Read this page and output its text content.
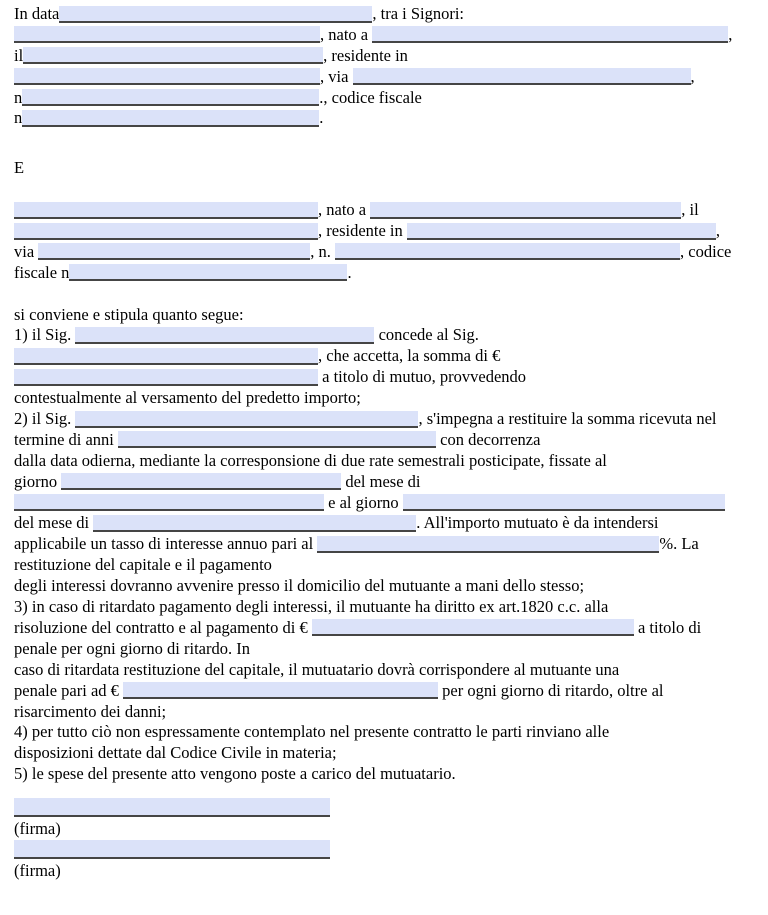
In data	, tra i Signori:
, nato a	,
il	, residente in
, via	,
n	., codice fiscale
n	.
E
, nato a	, il
, residente in	,
via	, n.	, codice
fiscale n	.
si conviene e stipula quanto segue:
1) il Sig.	concede al Sig.
, che accetta, la somma di €
a titolo di mutuo, provvedendo
contestualmente al versamento del predetto importo;
2) il Sig.	, s'impegna a restituire la somma ricevuta nel
termine di anni	con decorrenza
dalla data odierna, mediante la corresponsione di due rate semestrali posticipate, fissate al
giorno	del mese di
e al giorno
del mese di	. All'importo mutuato è da intendersi
applicabile un tasso di interesse annuo pari al	%. La
restituzione del capitale e il pagamento
degli interessi dovranno avvenire presso il domicilio del mutuante a mani dello stesso;
3) in caso di ritardato pagamento degli interessi, il mutuante ha diritto ex art.1820 c.c. alla
risoluzione del contratto e al pagamento di €	a titolo di
penale per ogni giorno di ritardo. In
caso di ritardata restituzione del capitale, il mutuatario dovrà corrispondere al mutuante una
penale pari ad €	per ogni giorno di ritardo, oltre al
risarcimento dei danni;
4) per tutto ciò non espressamente contemplato nel presente contratto le parti rinviano alle
disposizioni dettate dal Codice Civile in materia;
5) le spese del presente atto vengono poste a carico del mutuatario.
(firma)
(firma)
